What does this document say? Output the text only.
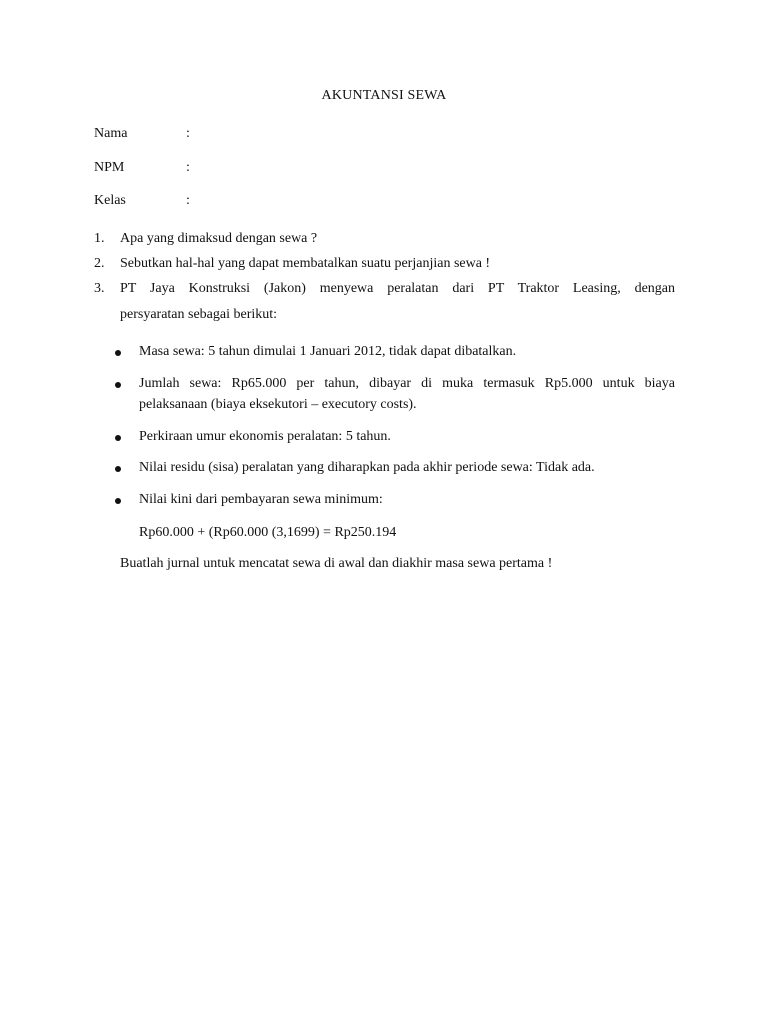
AKUNTANSI SEWA
Nama	:
NPM	:
Kelas	:
1. Apa yang dimaksud dengan sewa ?
2. Sebutkan hal-hal yang dapat membatalkan suatu perjanjian sewa !
3. PT Jaya Konstruksi (Jakon) menyewa peralatan dari PT Traktor Leasing, dengan
persyaratan sebagai berikut:
Masa sewa: 5 tahun dimulai 1 Januari 2012, tidak dapat dibatalkan.
Jumlah sewa: Rp65.000 per tahun, dibayar di muka termasuk Rp5.000 untuk biaya
pelaksanaan (biaya eksekutori – executory costs).
Perkiraan umur ekonomis peralatan: 5 tahun.
Nilai residu (sisa) peralatan yang diharapkan pada akhir periode sewa: Tidak ada.
Nilai kini dari pembayaran sewa minimum:
Rp60.000 + (Rp60.000 (3,1699) = Rp250.194
Buatlah jurnal untuk mencatat sewa di awal dan diakhir masa sewa pertama !
